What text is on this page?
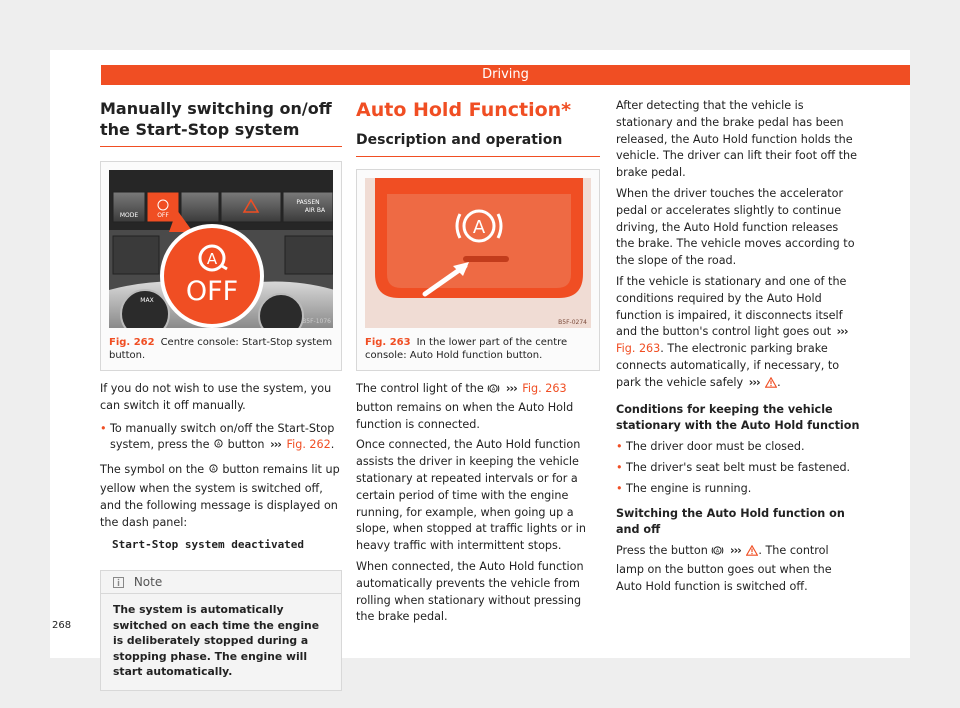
Driving
Manually switching on/off the Start-Stop system
MODE	OFF
PASSEN
AIR BA
MAX
A
OFF
B5F-1076
Fig. 262 Centre console: Start-Stop system button.

If you do not wish to use the system, you can switch it off manually.

• To manually switch on/off the Start-Stop system, press the A button ››› Fig. 262.

The symbol on the A button remains lit up yellow when the system is switched off, and the following message is displayed on the dash panel:

Start-Stop system deactivated

Note
The system is automatically switched on each time the engine is deliberately stopped during a stopping phase. The engine will start automatically.
268
Auto Hold Function*
Description and operation
A
B5F-0274
Fig. 263 In the lower part of the centre console: Auto Hold function button.

The control light of the A ››› Fig. 263 button remains on when the Auto Hold function is connected.

Once connected, the Auto Hold function assists the driver in keeping the vehicle stationary at repeated intervals or for a certain period of time with the engine running, for example, when going up a slope, when stopped at traffic lights or in heavy traffic with intermittent stops.

When connected, the Auto Hold function automatically prevents the vehicle from rolling when stationary without pressing the brake pedal.

After detecting that the vehicle is stationary and the brake pedal has been released, the Auto Hold function holds the vehicle. The driver can lift their foot off the brake pedal.

When the driver touches the accelerator pedal or accelerates slightly to continue driving, the Auto Hold function releases the brake. The vehicle moves according to the slope of the road.

If the vehicle is stationary and one of the conditions required by the Auto Hold function is impaired, it disconnects itself and the button's control light goes out ››› Fig. 263. The electronic parking brake connects automatically, if necessary, to park the vehicle safely ››› .

Conditions for keeping the vehicle stationary with the Auto Hold function

• The driver door must be closed.

• The driver's seat belt must be fastened.

• The engine is running.

Switching the Auto Hold function on and off

Press the button A ››› . The control lamp on the button goes out when the Auto Hold function is switched off.
